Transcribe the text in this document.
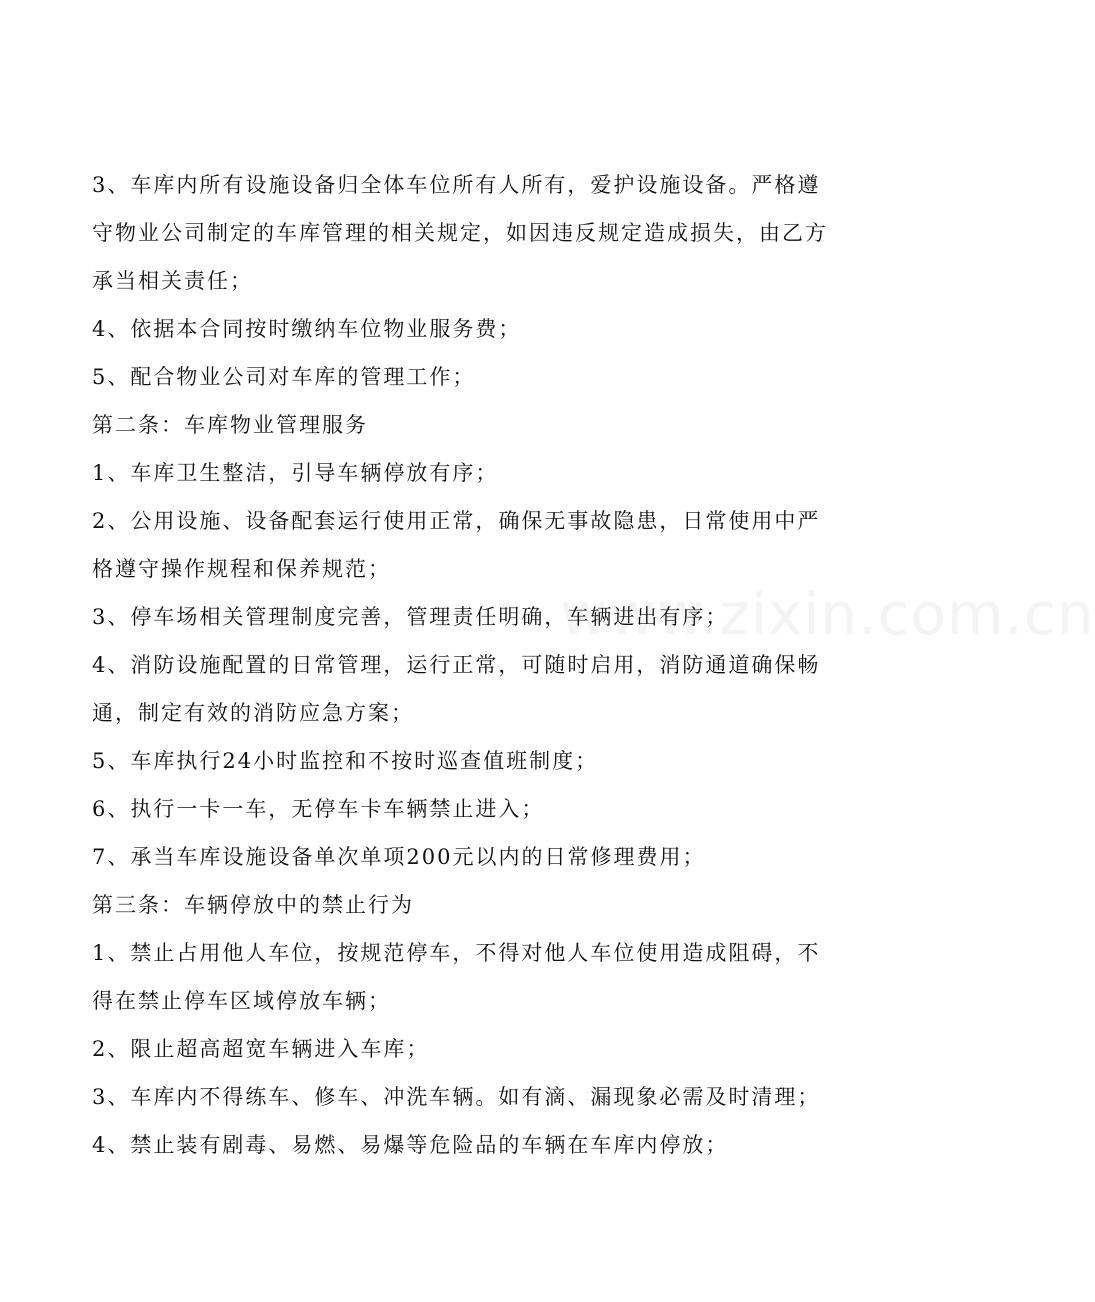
www.zixin.com.cn
3、车库内所有设施设备归全体车位所有人所有，爱护设施设备。严格遵
守物业公司制定的车库管理的相关规定，如因违反规定造成损失，由乙方
承当相关责任；
4、依据本合同按时缴纳车位物业服务费；
5、配合物业公司对车库的管理工作；
第二条：车库物业管理服务
1、车库卫生整洁，引导车辆停放有序；
2、公用设施、设备配套运行使用正常，确保无事故隐患，日常使用中严
格遵守操作规程和保养规范；
3、停车场相关管理制度完善，管理责任明确，车辆进出有序；
4、消防设施配置的日常管理，运行正常，可随时启用，消防通道确保畅
通，制定有效的消防应急方案；
5、车库执行24小时监控和不按时巡查值班制度；
6、执行一卡一车，无停车卡车辆禁止进入；
7、承当车库设施设备单次单项200元以内的日常修理费用；
第三条：车辆停放中的禁止行为
1、禁止占用他人车位，按规范停车，不得对他人车位使用造成阻碍，不
得在禁止停车区域停放车辆；
2、限止超高超宽车辆进入车库；
3、车库内不得练车、修车、冲洗车辆。如有滴、漏现象必需及时清理；
4、禁止装有剧毒、易燃、易爆等危险品的车辆在车库内停放；
